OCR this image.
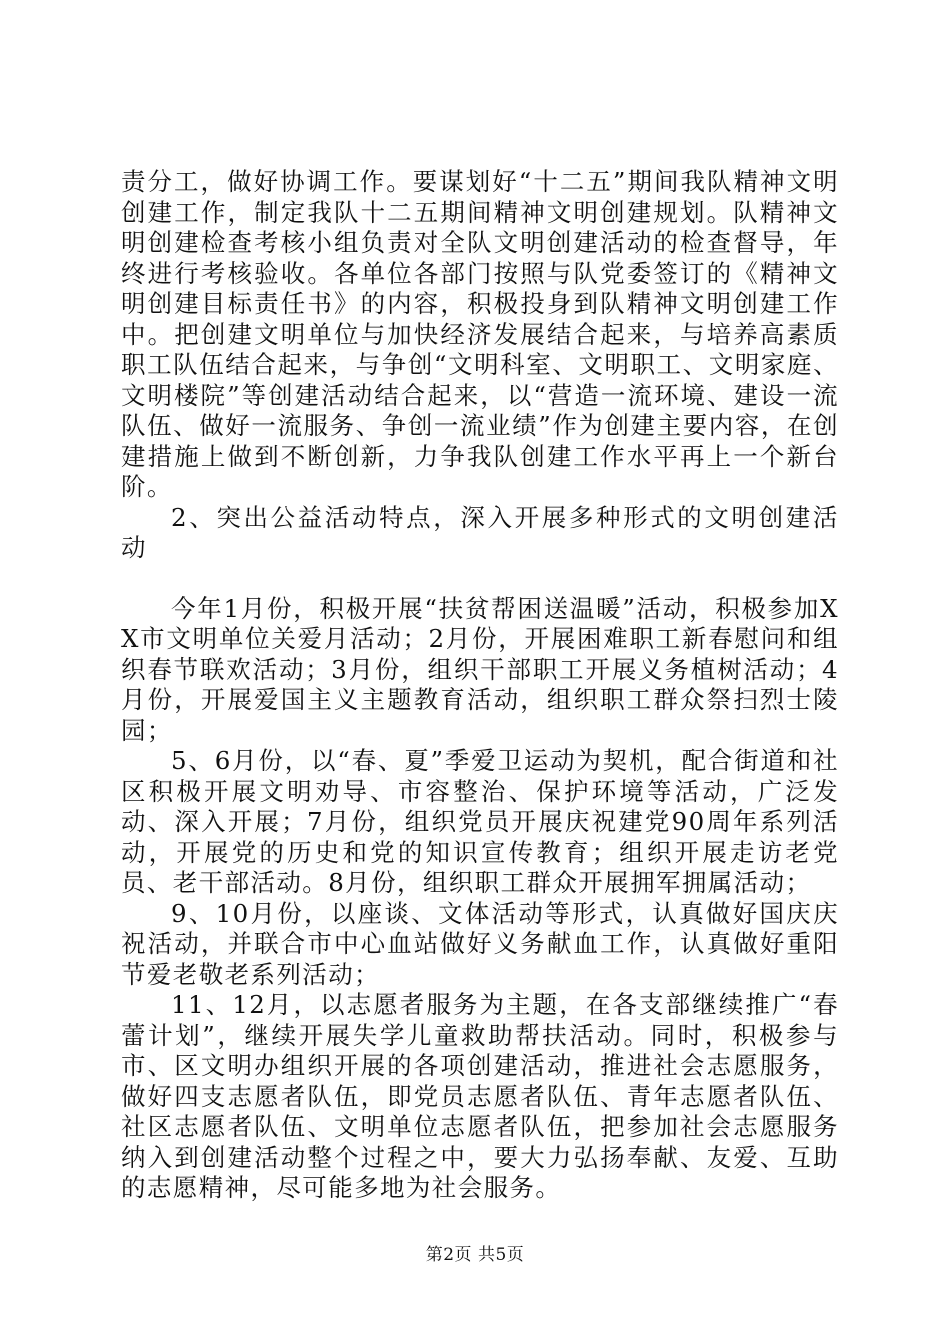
责分工，做好协调工作。要谋划好“十二五”期间我队精神文明创建工作，制定我队十二五期间精神文明创建规划。队精神文明创建检查考核小组负责对全队文明创建活动的检查督导，年终进行考核验收。各单位各部门按照与队党委签订的《精神文明创建目标责任书》的内容，积极投身到队精神文明创建工作中。把创建文明单位与加快经济发展结合起来，与培养高素质职工队伍结合起来，与争创“文明科室、文明职工、文明家庭、文明楼院”等创建活动结合起来，以“营造一流环境、建设一流队伍、做好一流服务、争创一流业绩”作为创建主要内容，在创建措施上做到不断创新，力争我队创建工作水平再上一个新台阶。

2、突出公益活动特点，深入开展多种形式的文明创建活动

今年1月份，积极开展“扶贫帮困送温暖”活动，积极参加XX市文明单位关爱月活动；2月份，开展困难职工新春慰问和组织春节联欢活动；3月份，组织干部职工开展义务植树活动；4月份，开展爱国主义主题教育活动，组织职工群众祭扫烈士陵园；

5、6月份，以“春、夏”季爱卫运动为契机，配合街道和社区积极开展文明劝导、市容整治、保护环境等活动，广泛发动、深入开展；7月份，组织党员开展庆祝建党90周年系列活动，开展党的历史和党的知识宣传教育；组织开展走访老党员、老干部活动。8月份，组织职工群众开展拥军拥属活动；

9、10月份，以座谈、文体活动等形式，认真做好国庆庆祝活动，并联合市中心血站做好义务献血工作，认真做好重阳节爱老敬老系列活动；

11、12月，以志愿者服务为主题，在各支部继续推广“春蕾计划”，继续开展失学儿童救助帮扶活动。同时，积极参与市、区文明办组织开展的各项创建活动，推进社会志愿服务，做好四支志愿者队伍，即党员志愿者队伍、青年志愿者队伍、社区志愿者队伍、文明单位志愿者队伍，把参加社会志愿服务纳入到创建活动整个过程之中，要大力弘扬奉献、友爱、互助的志愿精神，尽可能多地为社会服务。

第2页 共5页
